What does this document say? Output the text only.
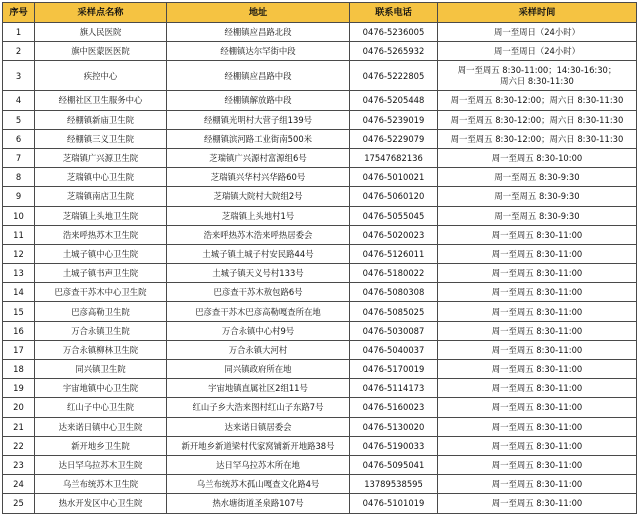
序号	采样点名称	地址	联系电话	采样时间
1	旗人民医院	经棚镇应昌路北段	0476-5236005	周一至周日（24小时）

2	旗中医蒙医医院	经棚镇达尔罕街中段	0476-5265932	周一至周日（24小时）

3	疾控中心	经棚镇应昌路中段	0476-5222805	周一至周五 8:30-11:00；14:30-16:30；
周六日 8:30-11:30

4	经棚社区卫生服务中心	经棚镇解放路中段	0476-5205448	周一至周五 8:30-12:00；周六日 8:30-11:30

5	经棚镇新庙卫生院	经棚镇光明村大营子组139号	0476-5239019	周一至周五 8:30-12:00；周六日 8:30-11:30

6	经棚镇三义卫生院	经棚镇滨河路工业街南500米	0476-5229079	周一至周五 8:30-12:00；周六日 8:30-11:30

7	芝瑞镇广兴源卫生院	芝瑞镇广兴源村富源组6号	17547682136	周一至周五 8:30-10:00

8	芝瑞镇中心卫生院	芝瑞镇兴华村兴华路60号	0476-5010021	周一至周五 8:30-9:30

9	芝瑞镇南店卫生院	芝瑞镇大院村大院组2号	0476-5060120	周一至周五 8:30-9:30

10	芝瑞镇上头地卫生院	芝瑞镇上头地村1号	0476-5055045	周一至周五 8:30-9:30

11	浩来呼热苏木卫生院	浩来呼热苏木浩来呼热居委会	0476-5020023	周一至周五 8:30-11:00

12	土城子镇中心卫生院	土城子镇土城子村安民路44号	0476-5126011	周一至周五 8:30-11:00

13	土城子镇书声卫生院	土城子镇天义号村133号	0476-5180022	周一至周五 8:30-11:00

14	巴彦查干苏木中心卫生院	巴彦查干苏木敖包路6号	0476-5080308	周一至周五 8:30-11:00

15	巴彦高勒卫生院	巴彦查干苏木巴彦高勒嘎查所在地	0476-5085025	周一至周五 8:30-11:00

16	万合永镇卫生院	万合永镇中心村9号	0476-5030087	周一至周五 8:30-11:00

17	万合永镇柳林卫生院	万合永镇大河村	0476-5040037	周一至周五 8:30-11:00

18	同兴镇卫生院	同兴镇政府所在地	0476-5170019	周一至周五 8:30-11:00

19	宇宙地镇中心卫生院	宇宙地镇直属社区2组11号	0476-5114173	周一至周五 8:30-11:00

20	红山子中心卫生院	红山子乡大浩来图村红山子东路7号	0476-5160023	周一至周五 8:30-11:00

21	达来诺日镇中心卫生院	达来诺日镇居委会	0476-5130020	周一至周五 8:30-11:00

22	新开地乡卫生院	新开地乡新道梁村代家窝铺新开地路38号	0476-5190033	周一至周五 8:30-11:00

23	达日罕乌拉苏木卫生院	达日罕乌拉苏木所在地	0476-5095041	周一至周五 8:30-11:00

24	乌兰布统苏木卫生院	乌兰布统苏木孤山嘎查文化路4号	13789538595	周一至周五 8:30-11:00

25	热水开发区中心卫生院	热水塘街道圣泉路107号	0476-5101019	周一至周五 8:30-11:00
